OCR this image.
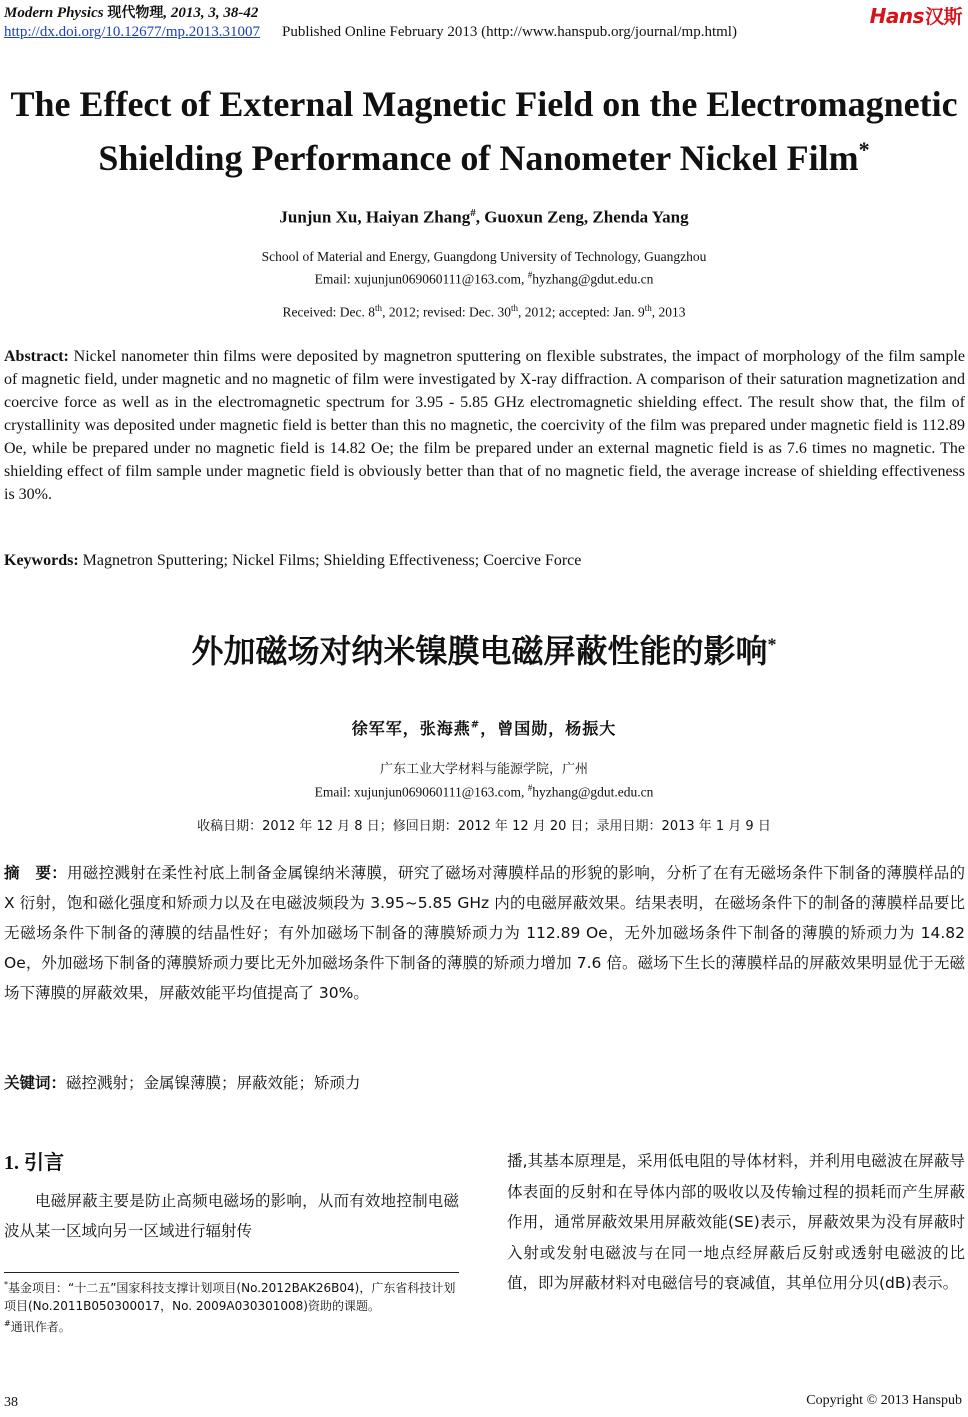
Modern Physics 现代物理, 2013, 3, 38-42
http://dx.doi.org/10.12677/mp.2013.31007 Published Online February 2013 (http://www.hanspub.org/journal/mp.html)
Hans汉斯
The Effect of External Magnetic Field on the Electromagnetic Shielding Performance of Nanometer Nickel Film*
Junjun Xu, Haiyan Zhang#, Guoxun Zeng, Zhenda Yang
School of Material and Energy, Guangdong University of Technology, Guangzhou
Email: xujunjun069060111@163.com, #hyzhang@gdut.edu.cn
Received: Dec. 8th, 2012; revised: Dec. 30th, 2012; accepted: Jan. 9th, 2013
Abstract: Nickel nanometer thin films were deposited by magnetron sputtering on flexible substrates, the impact of morphology of the film sample of magnetic field, under magnetic and no magnetic of film were investigated by X-ray diffraction. A comparison of their saturation magnetization and coercive force as well as in the electromagnetic spectrum for 3.95 - 5.85 GHz electromagnetic shielding effect. The result show that, the film of crystallinity was deposited under magnetic field is better than this no magnetic, the coercivity of the film was prepared under magnetic field is 112.89 Oe, while be prepared under no magnetic field is 14.82 Oe; the film be prepared under an external magnetic field is as 7.6 times no magnetic. The shielding effect of film sample under magnetic field is obviously better than that of no magnetic field, the average increase of shielding effectiveness is 30%.
Keywords: Magnetron Sputtering; Nickel Films; Shielding Effectiveness; Coercive Force
外加磁场对纳米镍膜电磁屏蔽性能的影响*
徐军军，张海燕#，曾国勋，杨振大
广东工业大学材料与能源学院，广州
Email: xujunjun069060111@163.com, #hyzhang@gdut.edu.cn
收稿日期：2012 年 12 月 8 日；修回日期：2012 年 12 月 20 日；录用日期：2013 年 1 月 9 日
摘　要：用磁控溅射在柔性衬底上制备金属镍纳米薄膜，研究了磁场对薄膜样品的形貌的影响，分析了在有无磁场条件下制备的薄膜样品的 X 衍射，饱和磁化强度和矫顽力以及在电磁波频段为 3.95~5.85 GHz 内的电磁屏蔽效果。结果表明，在磁场条件下的制备的薄膜样品要比无磁场条件下制备的薄膜的结晶性好；有外加磁场下制备的薄膜矫顽力为 112.89 Oe，无外加磁场条件下制备的薄膜的矫顽力为 14.82 Oe，外加磁场下制备的薄膜矫顽力要比无外加磁场条件下制备的薄膜的矫顽力增加 7.6 倍。磁场下生长的薄膜样品的屏蔽效果明显优于无磁场下薄膜的屏蔽效果，屏蔽效能平均值提高了 30%。
关键词：磁控溅射；金属镍薄膜；屏蔽效能；矫顽力
1. 引言
电磁屏蔽主要是防止高频电磁场的影响，从而有效地控制电磁波从某一区域向另一区域进行辐射传
播,其基本原理是，采用低电阻的导体材料，并利用电磁波在屏蔽导体表面的反射和在导体内部的吸收以及传输过程的损耗而产生屏蔽作用，通常屏蔽效果用屏蔽效能(SE)表示，屏蔽效果为没有屏蔽时入射或发射电磁波与在同一地点经屏蔽后反射或透射电磁波的比值，即为屏蔽材料对电磁信号的衰减值，其单位用分贝(dB)表示。
*基金项目：“十二五”国家科技支撑计划项目(No.2012BAK26B04)，广东省科技计划项目(No.2011B050300017，No. 2009A030301008)资助的课题。
#通讯作者。
38	Copyright © 2013 Hanspub
